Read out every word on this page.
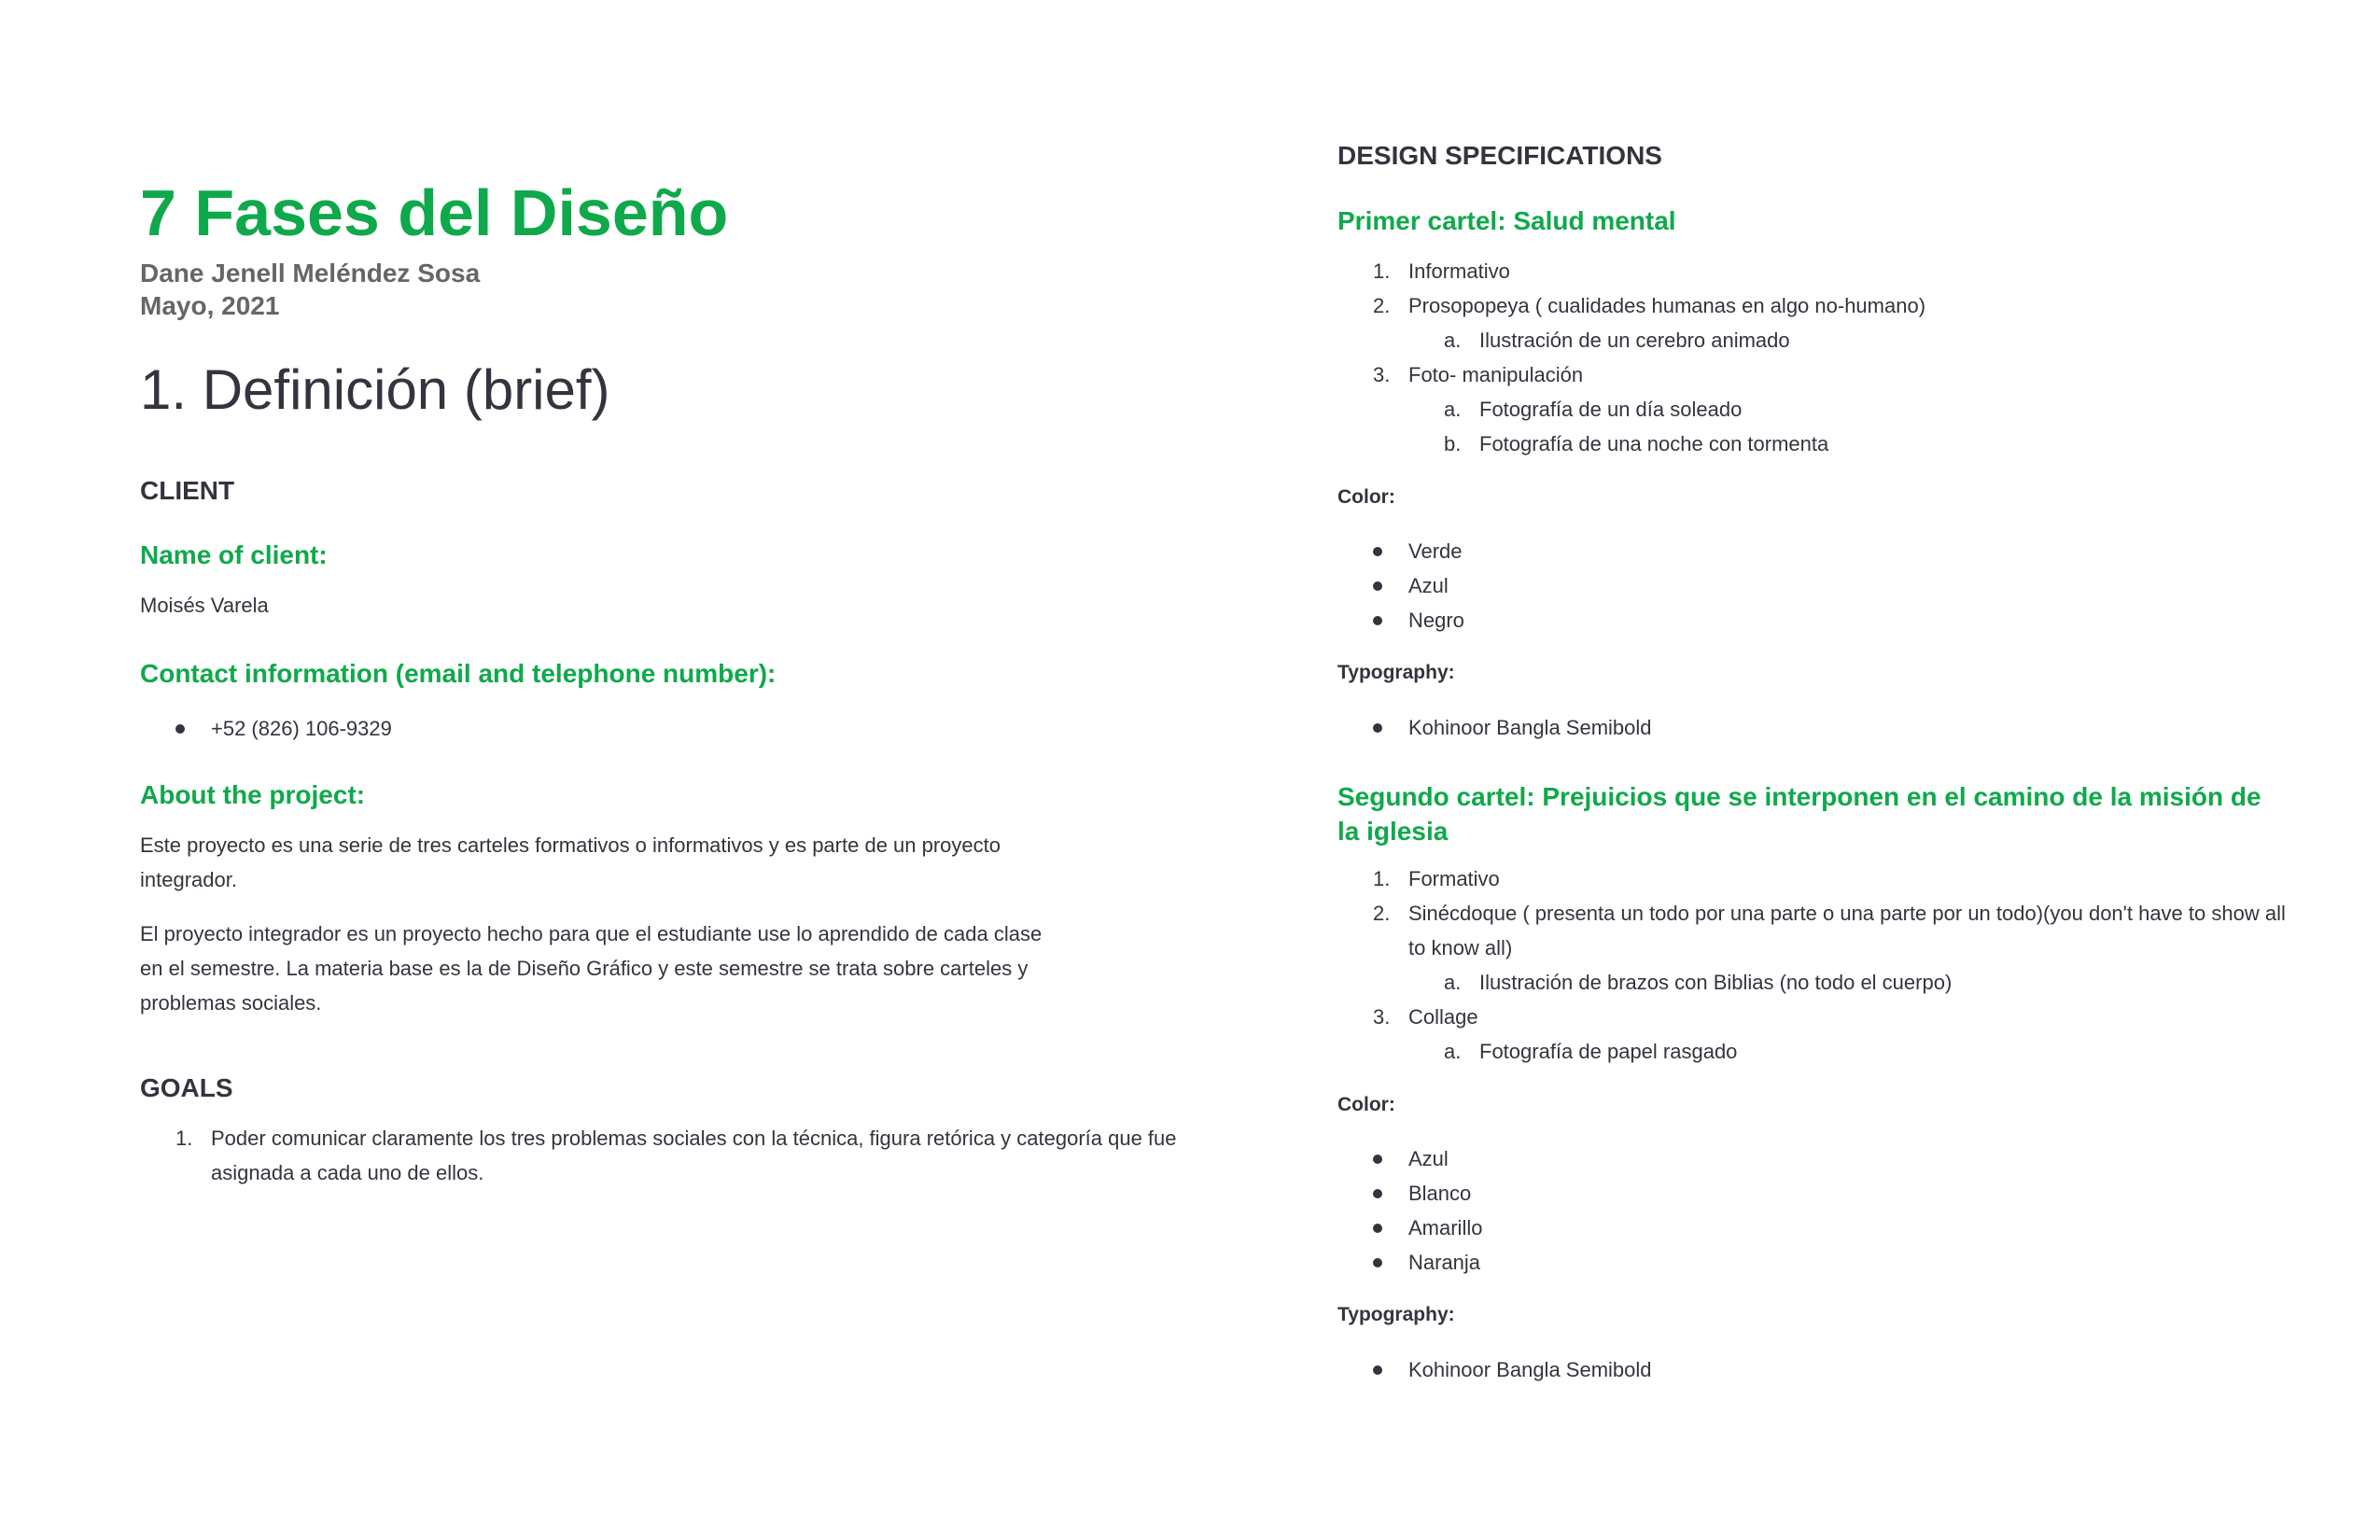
7 Fases del Diseño
Dane Jenell Meléndez Sosa
Mayo, 2021
1. Definición (brief)
CLIENT
Name of client:

Moisés Varela

Contact information (email and telephone number):
+52 (826) 106-9329
About the project:

Este proyecto es una serie de tres carteles formativos o informativos y es parte de un proyecto integrador.

El proyecto integrador es un proyecto hecho para que el estudiante use lo aprendido de cada clase en el semestre. La materia base es la de Diseño Gráfico y este semestre se trata sobre carteles y problemas sociales.

GOALS
1. Poder comunicar claramente los tres problemas sociales con la técnica, figura retórica y categoría que fue asignada a cada uno de ellos.
DESIGN SPECIFICATIONS
Primer cartel: Salud mental
1. Informativo
2. Prosopopeya ( cualidades humanas en algo no-humano)
a. Ilustración de un cerebro animado
3. Foto- manipulación
a. Fotografía de un día soleado
b. Fotografía de una noche con tormenta
Color:
Verde
Azul
Negro
Typography:
Kohinoor Bangla Semibold
Segundo cartel: Prejuicios que se interponen en el camino de la misión de la iglesia
1. Formativo
2. Sinécdoque ( presenta un todo por una parte o una parte por un todo)(you don't have to show all to know all)
a. Ilustración de brazos con Biblias (no todo el cuerpo)
3. Collage
a. Fotografía de papel rasgado
Color:
Azul
Blanco
Amarillo
Naranja
Typography:
Kohinoor Bangla Semibold
